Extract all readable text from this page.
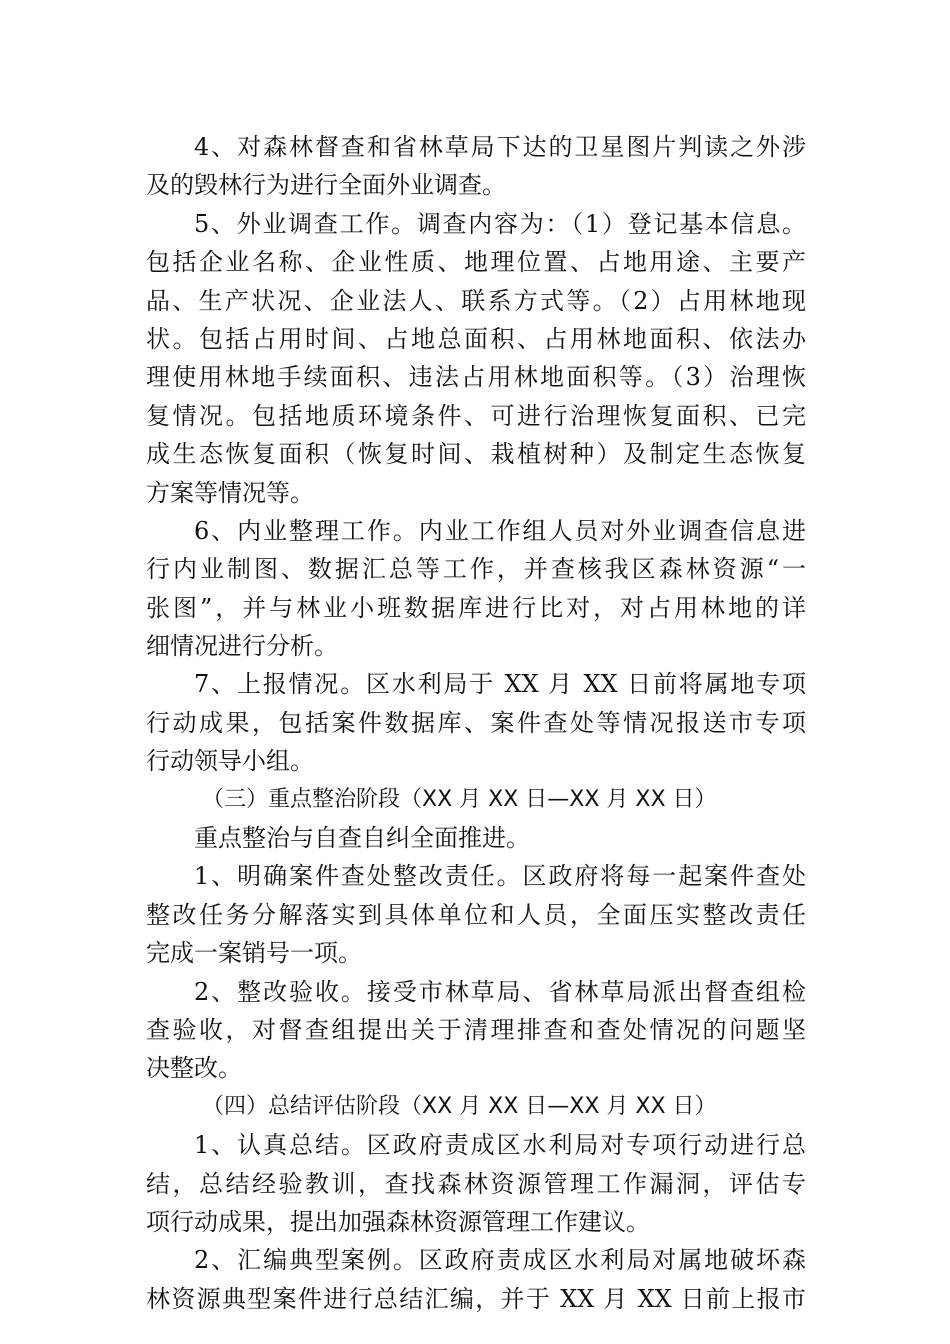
4、对森林督查和省林草局下达的卫星图片判读之外涉
及的毁林行为进行全面外业调查。
5、外业调查工作。调查内容为：（1）登记基本信息。
包括企业名称、企业性质、地理位置、占地用途、主要产
品、生产状况、企业法人、联系方式等。（2）占用林地现
状。包括占用时间、占地总面积、占用林地面积、依法办
理使用林地手续面积、违法占用林地面积等。（3）治理恢
复情况。包括地质环境条件、可进行治理恢复面积、已完
成生态恢复面积（恢复时间、栽植树种）及制定生态恢复
方案等情况等。
6、内业整理工作。内业工作组人员对外业调查信息进
行内业制图、数据汇总等工作，并查核我区森林资源“一
张图”，并与林业小班数据库进行比对，对占用林地的详
细情况进行分析。
7、上报情况。区水利局于 XX 月 XX 日前将属地专项
行动成果，包括案件数据库、案件查处等情况报送市专项
行动领导小组。
（三）重点整治阶段（XX 月 XX 日—XX 月 XX 日）
重点整治与自查自纠全面推进。
1、明确案件查处整改责任。区政府将每一起案件查处
整改任务分解落实到具体单位和人员，全面压实整改责任
完成一案销号一项。
2、整改验收。接受市林草局、省林草局派出督查组检
查验收，对督查组提出关于清理排查和查处情况的问题坚
决整改。
（四）总结评估阶段（XX 月 XX 日—XX 月 XX 日）
1、认真总结。区政府责成区水利局对专项行动进行总
结，总结经验教训，查找森林资源管理工作漏洞，评估专
项行动成果，提出加强森林资源管理工作建议。
2、汇编典型案例。区政府责成区水利局对属地破坏森
林资源典型案件进行总结汇编，并于 XX 月 XX 日前上报市
